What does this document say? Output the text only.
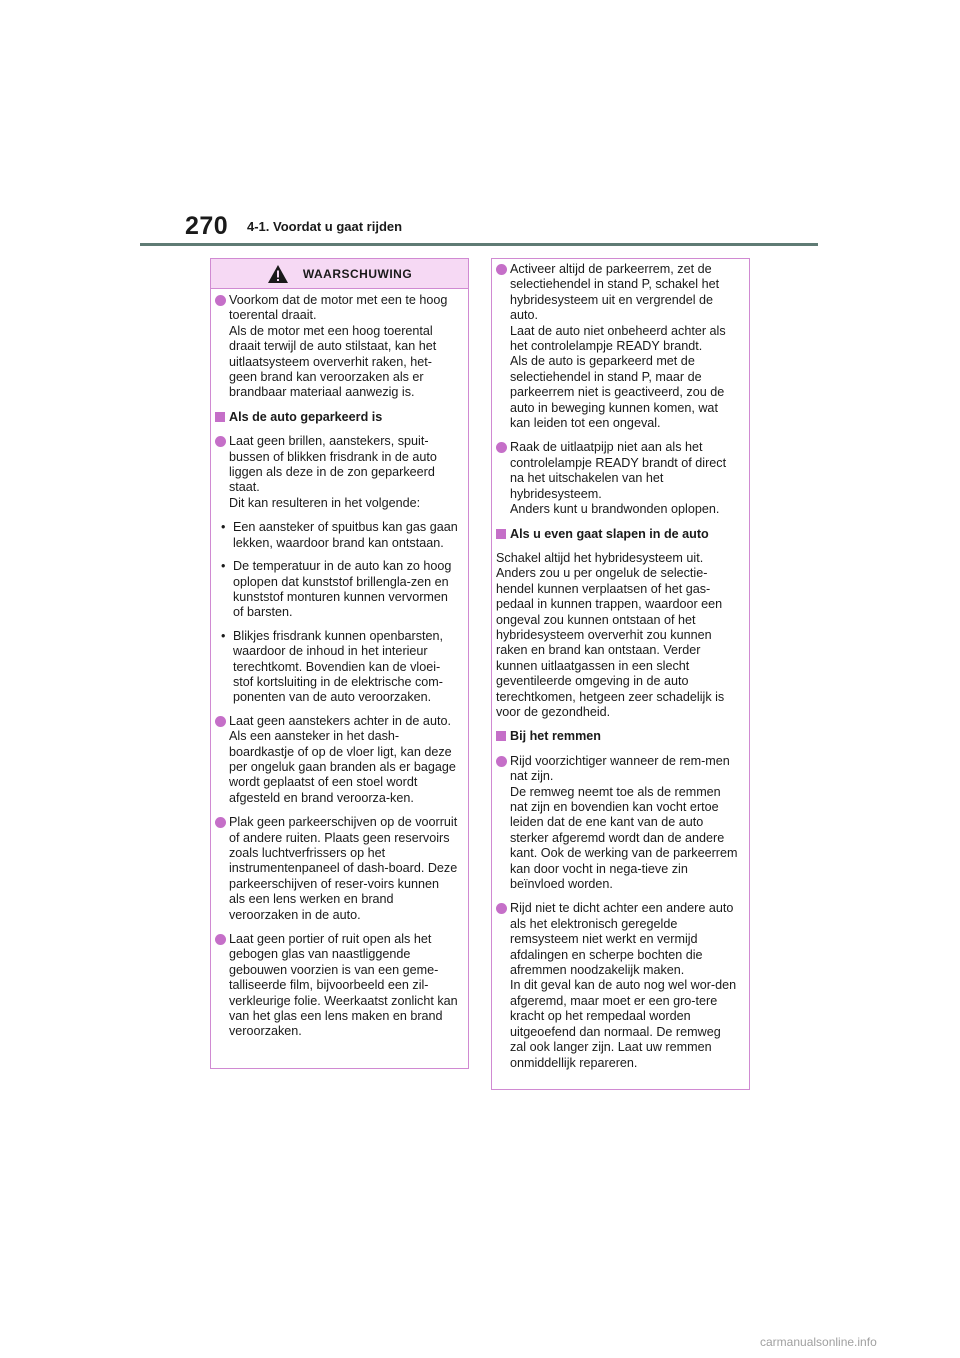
270 4-1. Voordat u gaat rijden
WAARSCHUWING

Voorkom dat de motor met een te hoog toerental draait.

Als de motor met een hoog toerental draait terwijl de auto stilstaat, kan het uitlaatsysteem oververhit raken, het-geen brand kan veroorzaken als er brandbaar materiaal aanwezig is.

Als de auto geparkeerd is

Laat geen brillen, aanstekers, spuit-bussen of blikken frisdrank in de auto liggen als deze in de zon geparkeerd staat.

Dit kan resulteren in het volgende:

• Een aansteker of spuitbus kan gas gaan lekken, waardoor brand kan ontstaan.
• De temperatuur in de auto kan zo hoog oplopen dat kunststof brillengla-zen en kunststof monturen kunnen vervormen of barsten.
• Blikjes frisdrank kunnen openbarsten, waardoor de inhoud in het interieur terechtkomt. Bovendien kan de vloei-stof kortsluiting in de elektrische com-ponenten van de auto veroorzaken.
Laat geen aanstekers achter in de auto. Als een aansteker in het dash-boardkastje of op de vloer ligt, kan deze per ongeluk gaan branden als er bagage wordt geplaatst of een stoel wordt afgesteld en brand veroorza-ken.
Plak geen parkeerschijven op de voorruit of andere ruiten. Plaats geen reservoirs zoals luchtverfrissers op het instrumentenpaneel of dash-board. Deze parkeerschijven of reser-voirs kunnen als een lens werken en brand veroorzaken in de auto.
Laat geen portier of ruit open als het gebogen glas van naastliggende gebouwen voorzien is van een geme-talliseerde film, bijvoorbeeld een zil-verkleurige folie. Weerkaatst zonlicht kan van het glas een lens maken en brand veroorzaken.

Activeer altijd de parkeerrem, zet de selectiehendel in stand P, schakel het hybridesysteem uit en vergrendel de auto.

Laat de auto niet onbeheerd achter als het controlelampje READY brandt.

Als de auto is geparkeerd met de selectiehendel in stand P, maar de parkeerrem niet is geactiveerd, zou de auto in beweging kunnen komen, wat kan leiden tot een ongeval.

Raak de uitlaatpijp niet aan als het controlelampje READY brandt of direct na het uitschakelen van het hybridesysteem.

Anders kunt u brandwonden oplopen.

Als u even gaat slapen in de auto

Schakel altijd het hybridesysteem uit. Anders zou u per ongeluk de selectie-hendel kunnen verplaatsen of het gas-pedaal in kunnen trappen, waardoor een ongeval zou kunnen ontstaan of het hybridesysteem oververhit zou kunnen raken en brand kan ontstaan. Verder kunnen uitlaatgassen in een slecht geventileerde omgeving in de auto terechtkomen, hetgeen zeer schadelijk is voor de gezondheid.

Bij het remmen

Rijd voorzichtiger wanneer de rem-men nat zijn.

De remweg neemt toe als de remmen nat zijn en bovendien kan vocht ertoe leiden dat de ene kant van de auto sterker afgeremd wordt dan de andere kant. Ook de werking van de parkeerrem kan door vocht in nega-tieve zin beïnvloed worden.

Rijd niet te dicht achter een andere auto als het elektronisch geregelde remsysteem niet werkt en vermijd afdalingen en scherpe bochten die afremmen noodzakelijk maken.

In dit geval kan de auto nog wel wor-den afgeremd, maar moet er een gro-tere kracht op het rempedaal worden uitgeoefend dan normaal. De remweg zal ook langer zijn. Laat uw remmen onmiddellijk repareren.

carmanualsonline.info
